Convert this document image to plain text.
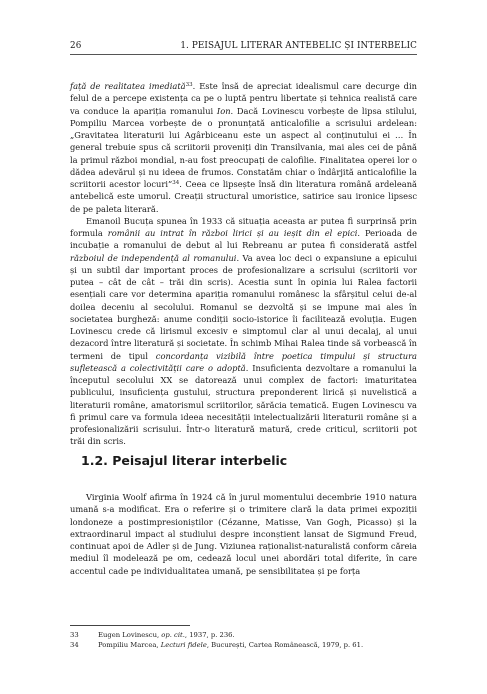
26	1. PEISAJUL LITERAR ANTEBELIC ȘI INTERBELIC

față de realitatea imediată$^{33}$. Este însă de apreciat idealismul care decurge din felul de a percepe existența ca pe o luptă pentru libertate și tehnica realistă care va conduce la apariția romanului Ion. Dacă Lovinescu vorbește de lipsa stilului, Pompiliu Marcea vorbește de o pronunțată anticalofilie a scrisului ardelean: „Gravitatea literaturii lui Agârbiceanu este un aspect al conținutului ei … În general trebuie spus că scriitorii proveniți din Transilvania, mai ales cei de până la primul război mondial, n-au fost preocupați de calofilie. Finalitatea operei lor o dădea adevărul și nu ideea de frumos. Constatăm chiar o îndârjită anticalofilie la scriitorii acestor locuri”$^{34}$. Ceea ce lipsește însă din literatura română ardeleană antebelică este umorul. Creații structural umoristice, satirice sau ironice lipsesc de pe paleta literară.

Emanoil Bucuța spunea în 1933 că situația aceasta ar putea fi surprinsă prin formula românii au intrat în război lirici și au ieșit din el epici. Perioada de incubație a romanului de debut al lui Rebreanu ar putea fi considerată astfel războiul de independență al romanului. Va avea loc deci o expansiune a epicului și un subtil dar important proces de profesionalizare a scrisului (scriitorii vor putea – cât de cât – trăi din scris). Acestia sunt în opinia lui Ralea factorii esențiali care vor determina apariția romanului românesc la sfârșitul celui de-al doilea deceniu al secolului. Romanul se dezvoltă și se impune mai ales în societatea burgheză: anume condiții socio-istorice îi facilitează evoluția. Eugen Lovinescu crede că lirismul excesiv e simptomul clar al unui decalaj, al unui dezacord între literatură și societate. În schimb Mihai Ralea tinde să vorbească în termeni de tipul concordanța vizibilă între poetica timpului și structura sufletească a colectivității care o adoptă. Insuficienta dezvoltare a romanului la începutul secolului XX se datorează unui complex de factori: imaturitatea publicului, insuficiența gustului, structura preponderent lirică și nuvelistică a literaturii române, amatorismul scriitorilor, sărăcia tematică. Eugen Lovinescu va fi primul care va formula ideea necesității intelectualizării literaturii române și a profesionalizării scrisului. Într-o literatură matură, crede criticul, scriitorii pot trăi din scris.

1.2. Peisajul literar interbelic

Virginia Woolf afirma în 1924 că în jurul momentului decembrie 1910 natura umană s-a modificat. Era o referire și o trimitere clară la data primei expoziții londoneze a postimpresioniștilor (Cézanne, Matisse, Van Gogh, Picasso) și la extraordinarul impact al studiului despre inconștient lansat de Sigmund Freud, continuat apoi de Adler și de Jung. Viziunea raționalist-naturalistă conform căreia mediul îl modelează pe om, cedează locul unei abordări total diferite, în care accentul cade pe individualitatea umană, pe sensibilitatea și pe forța

33	Eugen Lovinescu, op. cit., 1937, p. 236.
34	Pompiliu Marcea, Lecturi fidele, București, Cartea Românească, 1979, p. 61.
